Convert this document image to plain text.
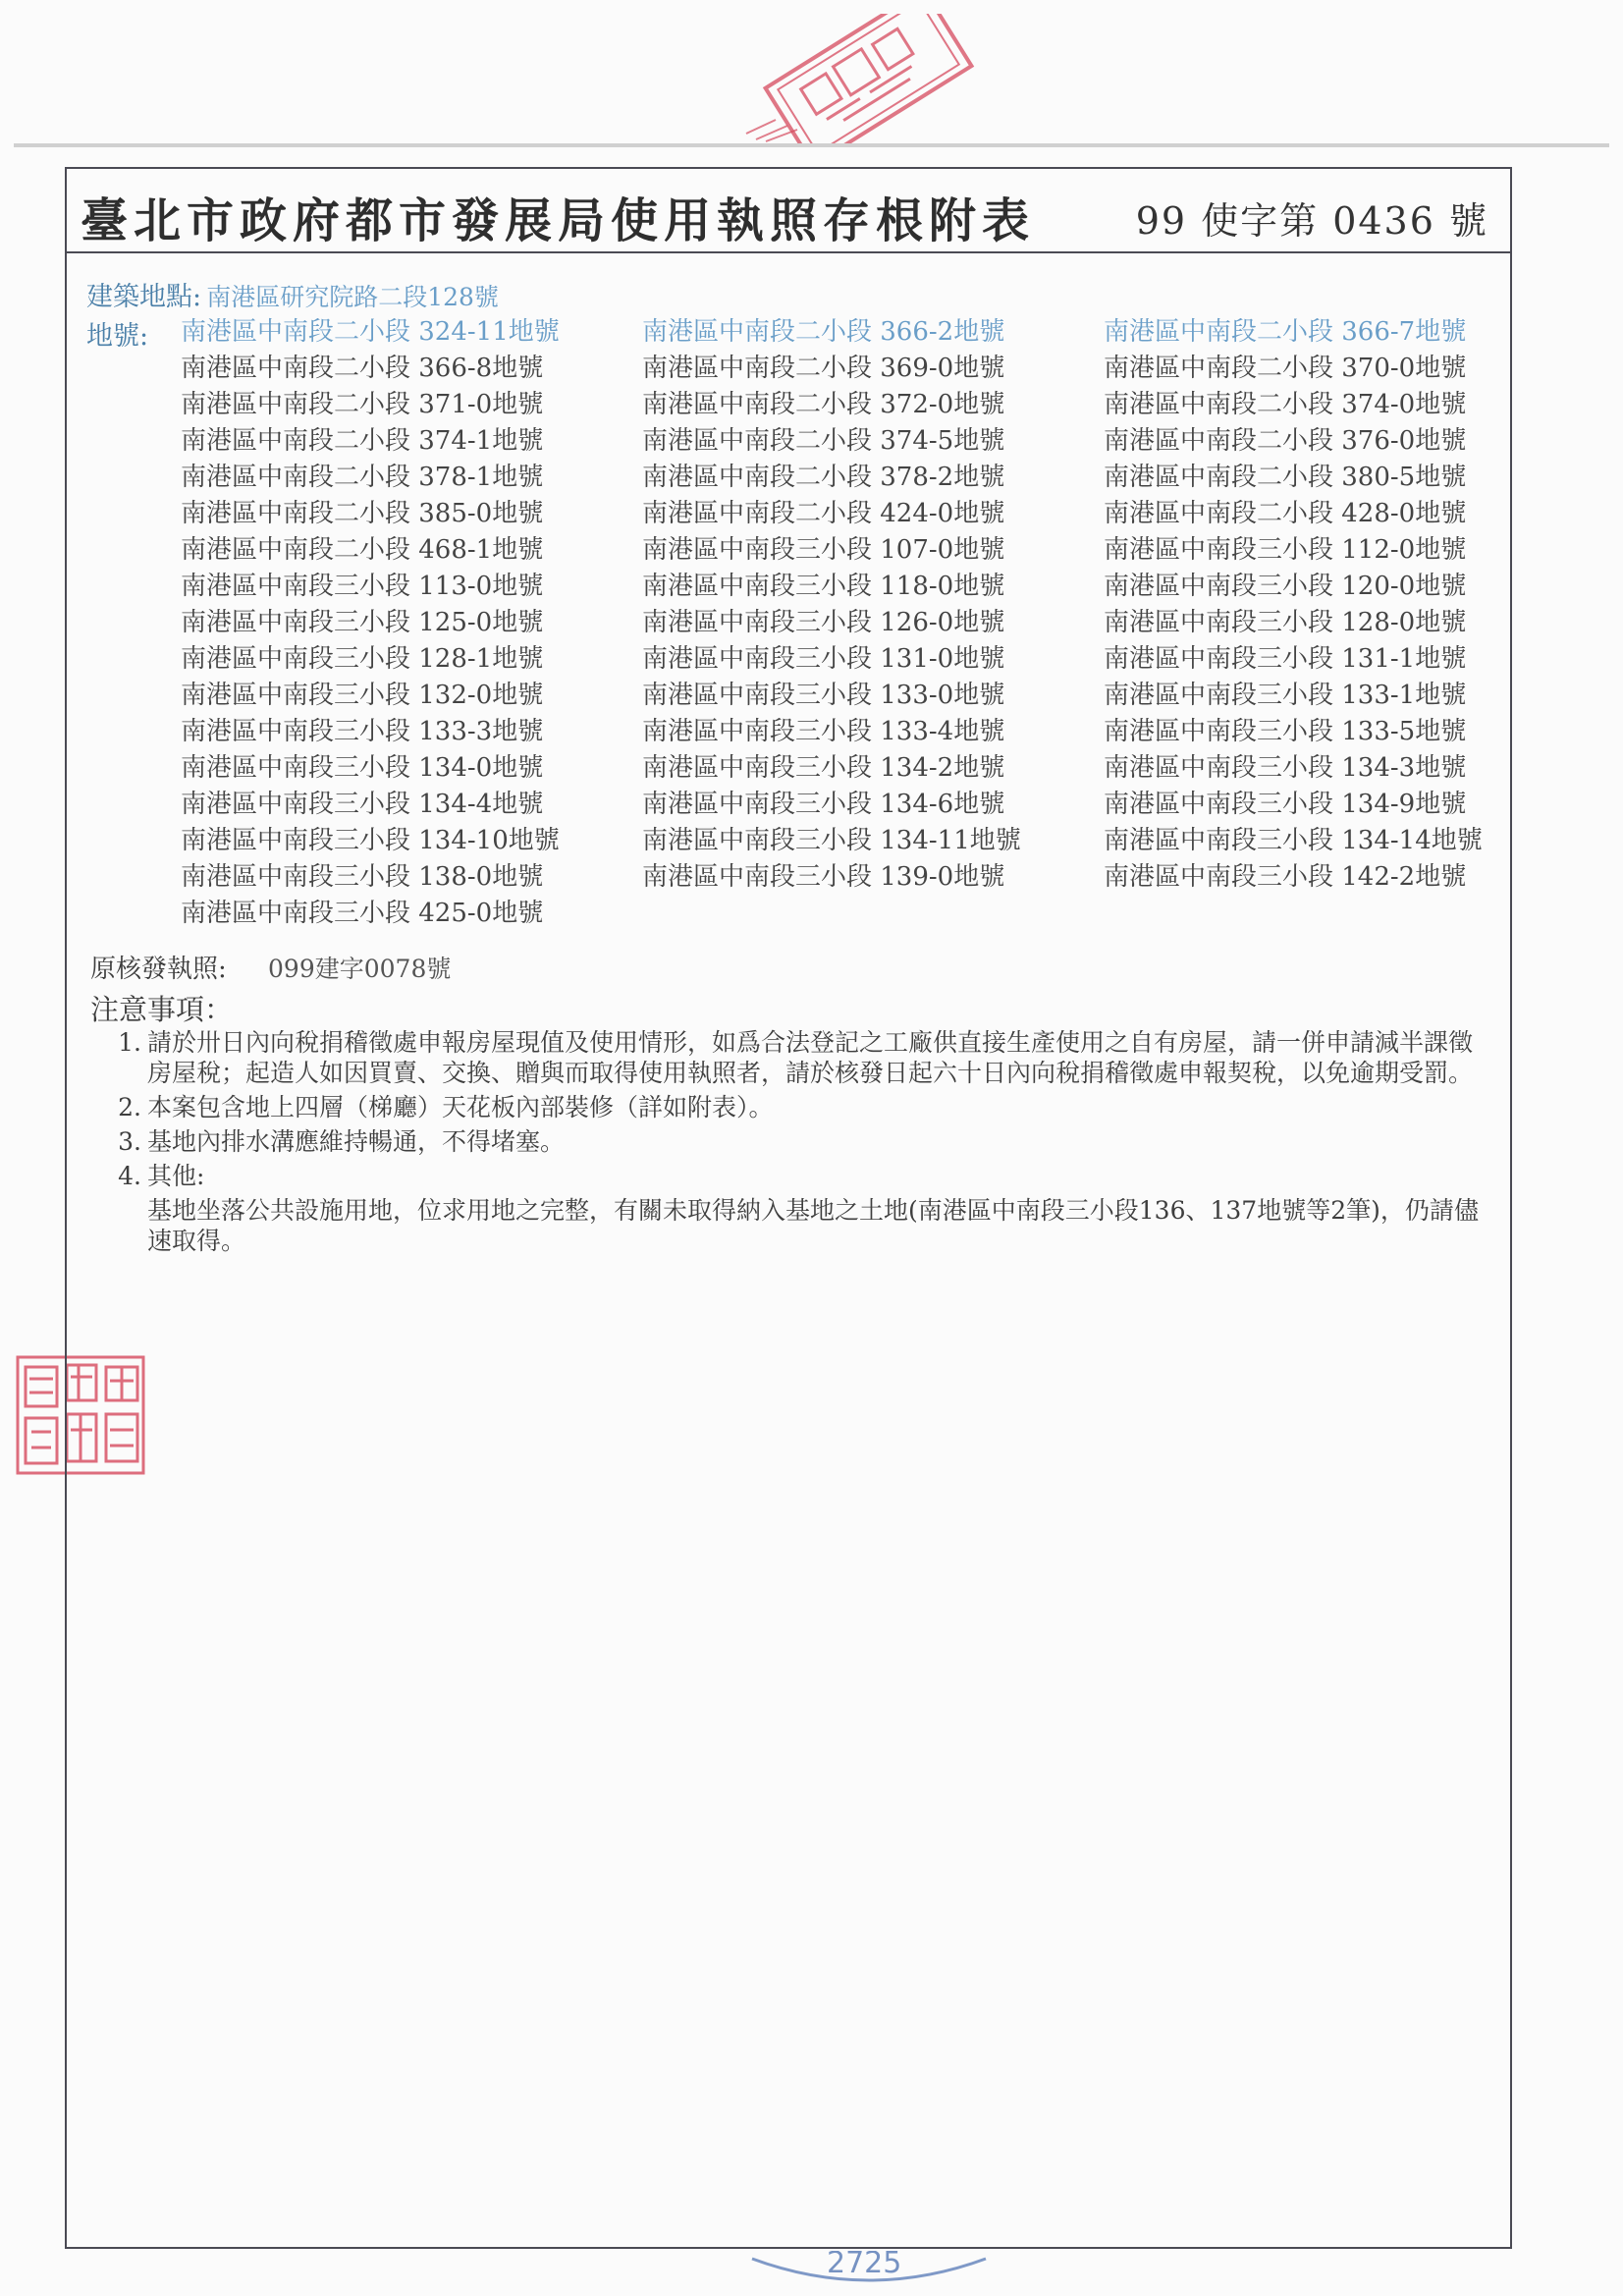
2725
臺北市政府都市發展局使用執照存根附表	99 使字第 0436 號
建築地點: 南港區研究院路二段128號
地號: 南港區中南段二小段 324-11地號	南港區中南段二小段 366-2地號	南港區中南段二小段 366-7地號
南港區中南段二小段 366-8地號	南港區中南段二小段 369-0地號	南港區中南段二小段 370-0地號
南港區中南段二小段 371-0地號	南港區中南段二小段 372-0地號	南港區中南段二小段 374-0地號
南港區中南段二小段 374-1地號	南港區中南段二小段 374-5地號	南港區中南段二小段 376-0地號
南港區中南段二小段 378-1地號	南港區中南段二小段 378-2地號	南港區中南段二小段 380-5地號
南港區中南段二小段 385-0地號	南港區中南段二小段 424-0地號	南港區中南段二小段 428-0地號
南港區中南段二小段 468-1地號	南港區中南段三小段 107-0地號	南港區中南段三小段 112-0地號
南港區中南段三小段 113-0地號	南港區中南段三小段 118-0地號	南港區中南段三小段 120-0地號
南港區中南段三小段 125-0地號	南港區中南段三小段 126-0地號	南港區中南段三小段 128-0地號
南港區中南段三小段 128-1地號	南港區中南段三小段 131-0地號	南港區中南段三小段 131-1地號
南港區中南段三小段 132-0地號	南港區中南段三小段 133-0地號	南港區中南段三小段 133-1地號
南港區中南段三小段 133-3地號	南港區中南段三小段 133-4地號	南港區中南段三小段 133-5地號
南港區中南段三小段 134-0地號	南港區中南段三小段 134-2地號	南港區中南段三小段 134-3地號
南港區中南段三小段 134-4地號	南港區中南段三小段 134-6地號	南港區中南段三小段 134-9地號
南港區中南段三小段 134-10地號	南港區中南段三小段 134-11地號	南港區中南段三小段 134-14地號
南港區中南段三小段 138-0地號	南港區中南段三小段 139-0地號	南港區中南段三小段 142-2地號
南港區中南段三小段 425-0地號
原核發執照: 099建字0078號
注意事項：
1. 請於卅日內向稅捐稽徵處申報房屋現值及使用情形，如爲合法登記之工廠供直接生產使用之自有房屋，請一併申請減半課徵房屋稅；起造人如因買賣、交換、贈與而取得使用執照者，請於核發日起六十日內向稅捐稽徵處申報契稅，以免逾期受罰。
2. 本案包含地上四層（梯廳）天花板內部裝修（詳如附表）。
3. 基地內排水溝應維持暢通，不得堵塞。
4. 其他:
基地坐落公共設施用地，位求用地之完整，有關未取得納入基地之土地(南港區中南段三小段136、137地號等2筆)，仍請儘速取得。
